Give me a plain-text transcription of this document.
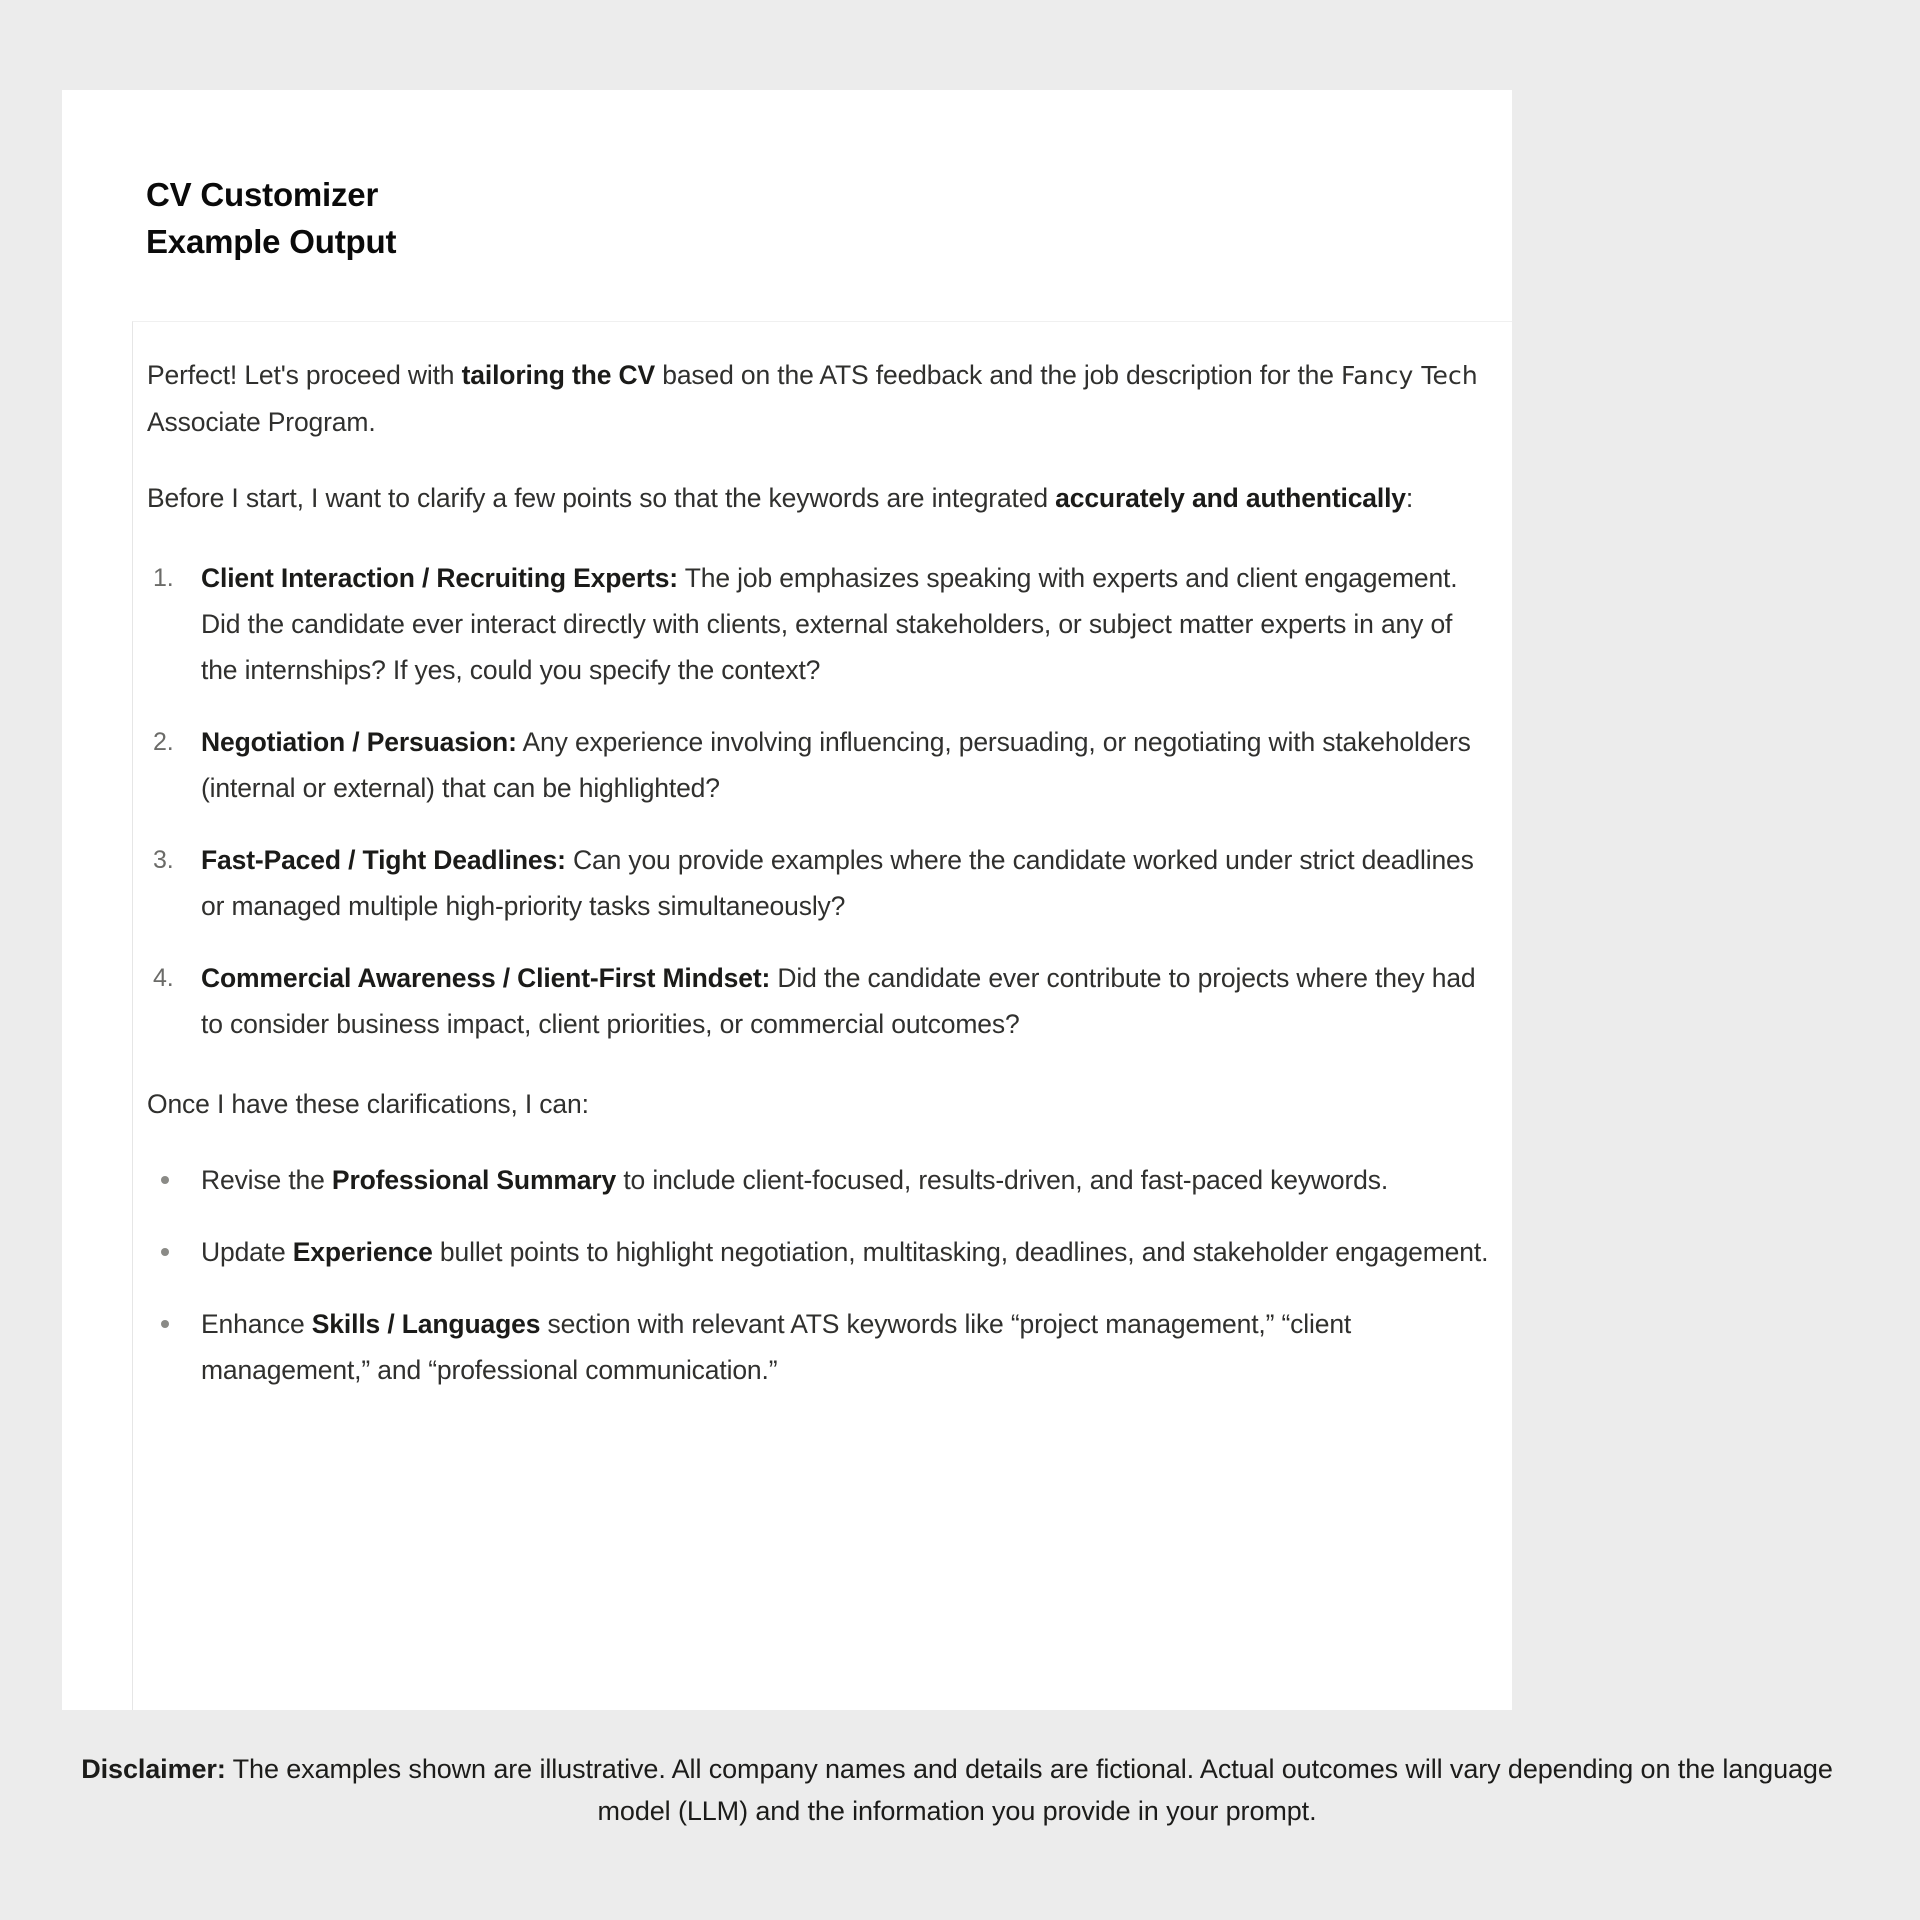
CV Customizer
Example Output

Perfect! Let's proceed with tailoring the CV based on the ATS feedback and the job description for the Fancy Tech Associate Program.

Before I start, I want to clarify a few points so that the keywords are integrated accurately and authentically:

1.	Client Interaction / Recruiting Experts: The job emphasizes speaking with experts and client engagement. Did the candidate ever interact directly with clients, external stakeholders, or subject matter experts in any of the internships? If yes, could you specify the context?
2.	Negotiation / Persuasion: Any experience involving influencing, persuading, or negotiating with stakeholders (internal or external) that can be highlighted?
3.	Fast-Paced / Tight Deadlines: Can you provide examples where the candidate worked under strict deadlines or managed multiple high-priority tasks simultaneously?
4.	Commercial Awareness / Client-First Mindset: Did the candidate ever contribute to projects where they had to consider business impact, client priorities, or commercial outcomes?

Once I have these clarifications, I can:

Revise the Professional Summary to include client-focused, results-driven, and fast-paced keywords.
Update Experience bullet points to highlight negotiation, multitasking, deadlines, and stakeholder engagement.
Enhance Skills / Languages section with relevant ATS keywords like “project management,” “client management,” and “professional communication.”
Disclaimer: The examples shown are illustrative. All company names and details are fictional. Actual outcomes will vary depending on the language model (LLM) and the information you provide in your prompt.
